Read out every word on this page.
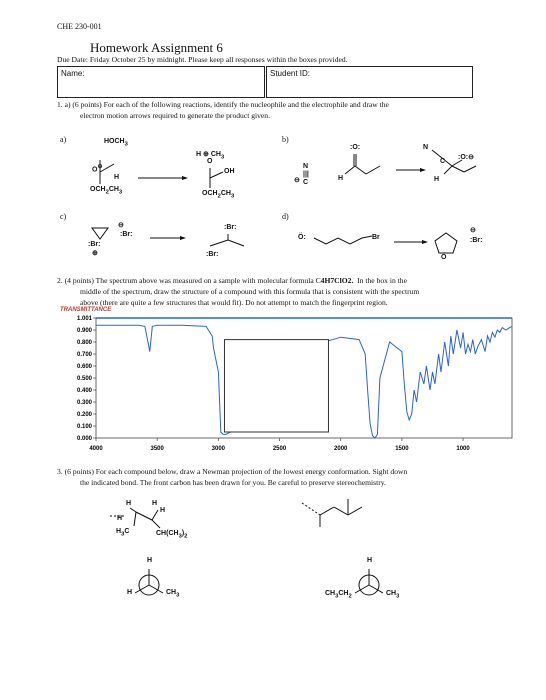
CHE 230-001
Homework Assignment 6
Due Date: Friday October 25 by midnight. Please keep all responses within the boxes provided.
Name:	Student ID:
1. a) (6 points) For each of the following reactions, identify the nucleophile and the electrophile and draw the
electron motion arrows required to generate the product given.
a)	b)
c)	d)
$HOCH_3$
O⊕
H
$OCH_2CH_3$
H ⊕ $CH_3$
O
OH
$OCH_2CH_3$
N
|||
C
⊖
:O:
H
N
C
:O:⊖
H
:Br:
⊕
⊖
:Br:
:Br:
:Br:
Ö:	Br
O
⊖
:Br:
2. (4 points) The spectrum above was measured on a sample with molecular formula C4H7ClO2. In the box in the
middle of the spectrum, draw the structure of a compound with this formula that is consistent with the spectrum
above (there are quite a few structures that would fit). Do not attempt to match the fingerprint region.
TRANSMITTANCE
1.001
0.900
0.800
0.700
0.600
0.500
0.400
0.300
0.200
0.100
0.000
4000	3500	3000	2500	2000	1500	1000
3. (6 points) For each compound below, draw a Newman projection of the lowest energy conformation. Sight down
the indicated bond. The front carbon has been drawn for you. Be careful to preserve stereochemistry.
H
H
H
H
$H_3C$	$CH(CH_3)_2$
H
H	$CH_3$
H
$CH_3CH_2$	$CH_3$
